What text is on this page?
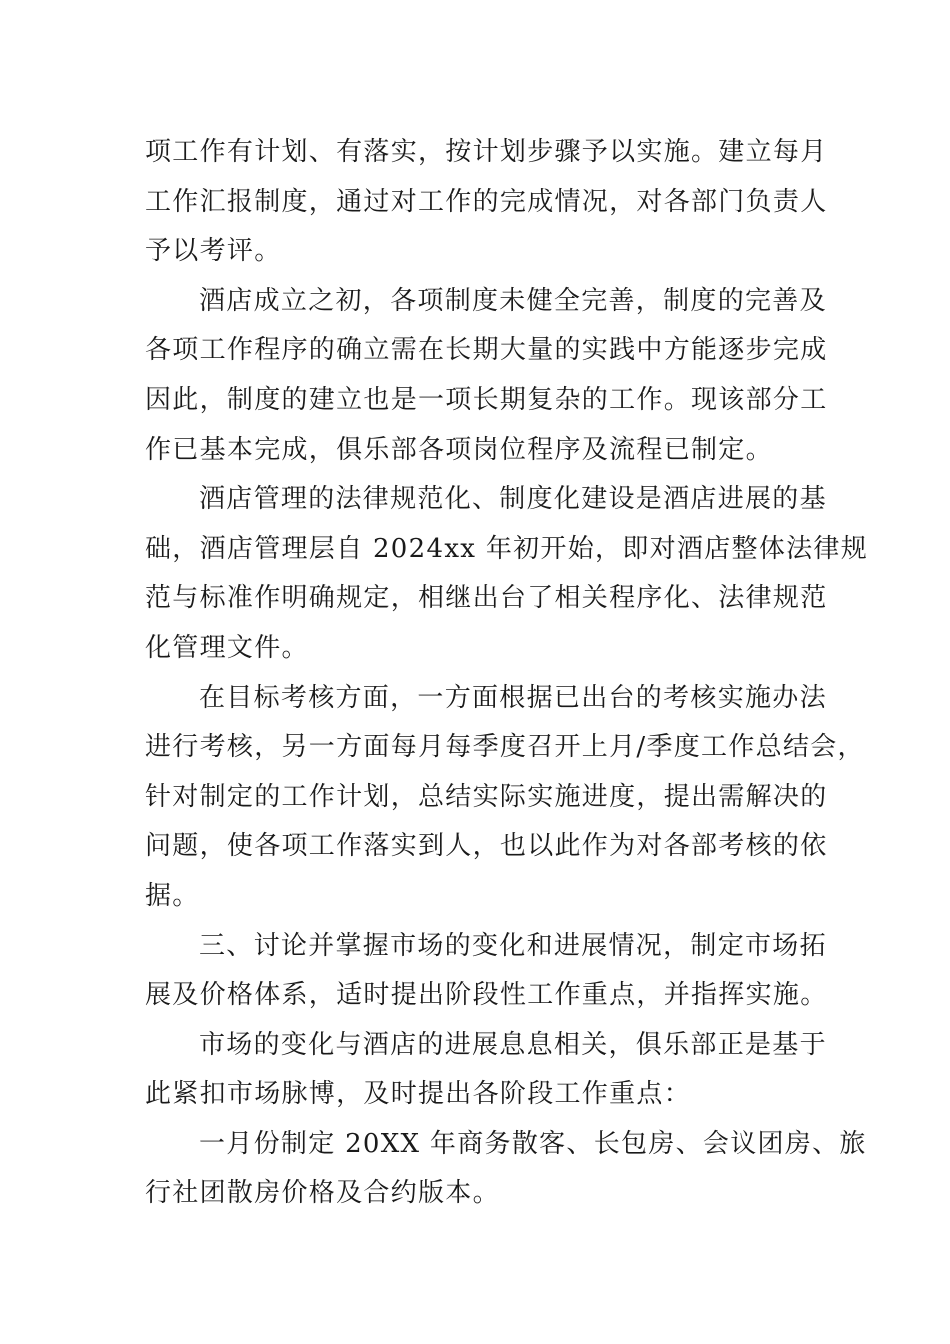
项工作有计划、有落实，按计划步骤予以实施。建立每月
工作汇报制度，通过对工作的完成情况，对各部门负责人
予以考评。
酒店成立之初，各项制度未健全完善，制度的完善及
各项工作程序的确立需在长期大量的实践中方能逐步完成
因此，制度的建立也是一项长期复杂的工作。现该部分工
作已基本完成，俱乐部各项岗位程序及流程已制定。
酒店管理的法律规范化、制度化建设是酒店进展的基
础，酒店管理层自 2024xx 年初开始，即对酒店整体法律规
范与标准作明确规定，相继出台了相关程序化、法律规范
化管理文件。
在目标考核方面，一方面根据已出台的考核实施办法
进行考核，另一方面每月每季度召开上月/季度工作总结会，
针对制定的工作计划，总结实际实施进度，提出需解决的
问题，使各项工作落实到人，也以此作为对各部考核的依
据。
三、讨论并掌握市场的变化和进展情况，制定市场拓
展及价格体系，适时提出阶段性工作重点，并指挥实施。
市场的变化与酒店的进展息息相关，俱乐部正是基于
此紧扣市场脉博，及时提出各阶段工作重点：
一月份制定 20XX 年商务散客、长包房、会议团房、旅
行社团散房价格及合约版本。
